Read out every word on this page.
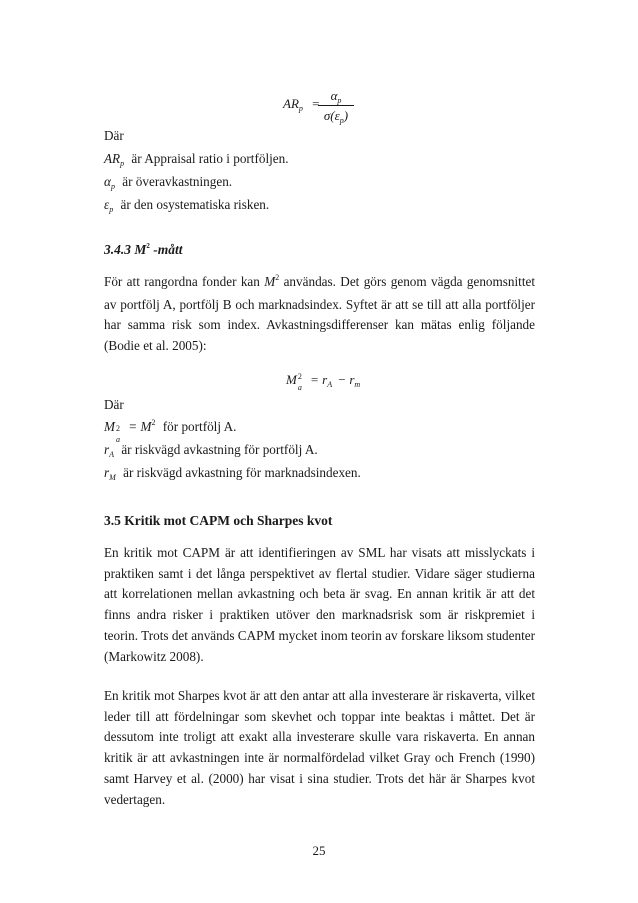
$AR_p$ =
$\alpha_p$
$\sigma(\varepsilon_p)$
Där
$AR_p$ är Appraisal ratio i portföljen.
$\alpha_p$ är överavkastningen.
$\varepsilon_p$ är den osystematiska risken.
3.4.3 $M^2$ -mått

För att rangordna fonder kan $M^2$ användas. Det görs genom vägda genomsnittet av portfölj A, portfölj B och marknadsindex. Syftet är att se till att alla portföljer har samma risk som index. Avkastningsdifferenser kan mätas enlig följande (Bodie et al. 2005):

M 2
a
= $r_A - r_m$
Där
M 2
a
= $M^2$ för portfölj A.
$r_A$ är riskvägd avkastning för portfölj A.
$r_M$ är riskvägd avkastning för marknadsindexen.
3.5 Kritik mot CAPM och Sharpes kvot

En kritik mot CAPM är att identifieringen av SML har visats att misslyckats i praktiken samt i det långa perspektivet av flertal studier. Vidare säger studierna att korrelationen mellan avkastning och beta är svag. En annan kritik är att det finns andra risker i praktiken utöver den marknadsrisk som är riskpremiet i teorin. Trots det används CAPM mycket inom teorin av forskare liksom studenter (Markowitz 2008).

En kritik mot Sharpes kvot är att den antar att alla investerare är riskaverta, vilket leder till att fördelningar som skevhet och toppar inte beaktas i måttet. Det är dessutom inte troligt att exakt alla investerare skulle vara riskaverta. En annan kritik är att avkastningen inte är normalfördelad vilket Gray och French (1990) samt Harvey et al. (2000) har visat i sina studier. Trots det här är Sharpes kvot vedertagen.

25
